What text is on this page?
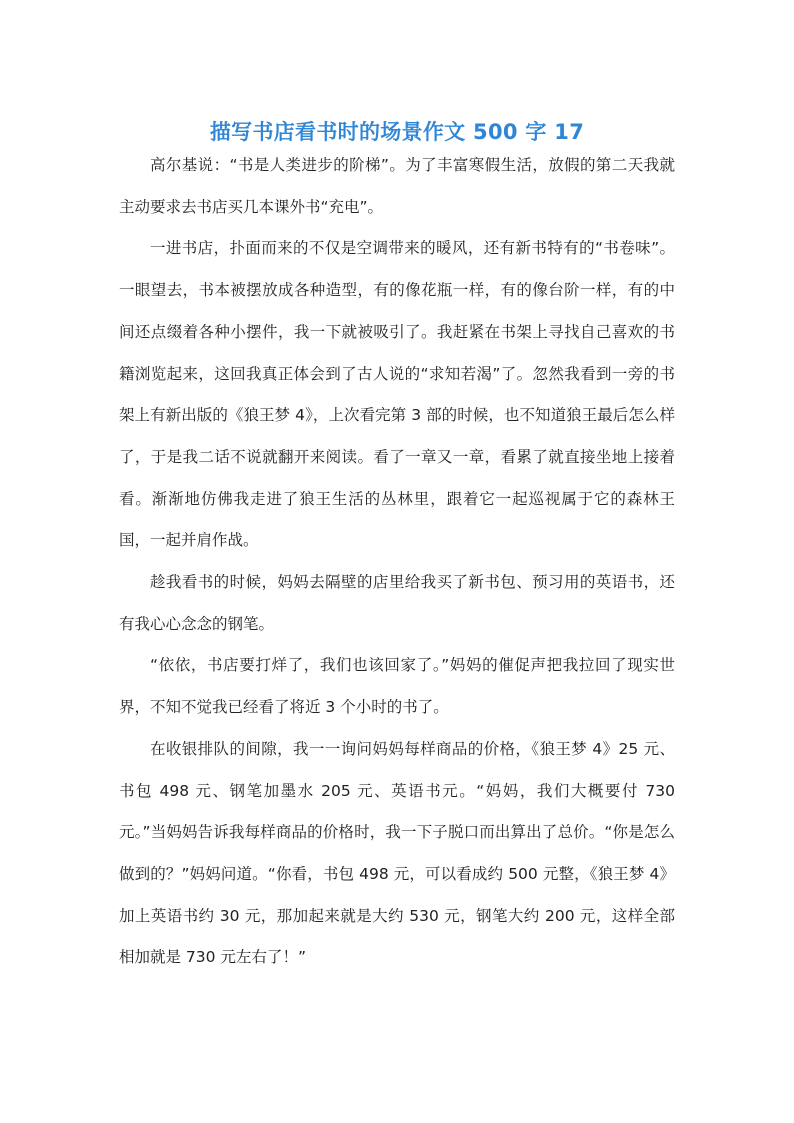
描写书店看书时的场景作文 500 字 17

高尔基说：“书是人类进步的阶梯”。为了丰富寒假生活，放假的第二天我就主动要求去书店买几本课外书“充电”。

一进书店，扑面而来的不仅是空调带来的暖风，还有新书特有的“书卷味”。一眼望去，书本被摆放成各种造型，有的像花瓶一样，有的像台阶一样，有的中间还点缀着各种小摆件，我一下就被吸引了。我赶紧在书架上寻找自己喜欢的书籍浏览起来，这回我真正体会到了古人说的“求知若渴”了。忽然我看到一旁的书架上有新出版的《狼王梦 4》，上次看完第 3 部的时候，也不知道狼王最后怎么样了，于是我二话不说就翻开来阅读。看了一章又一章，看累了就直接坐地上接着看。渐渐地仿佛我走进了狼王生活的丛林里，跟着它一起巡视属于它的森林王国，一起并肩作战。

趁我看书的时候，妈妈去隔壁的店里给我买了新书包、预习用的英语书，还有我心心念念的钢笔。

“依依，书店要打烊了，我们也该回家了。”妈妈的催促声把我拉回了现实世界，不知不觉我已经看了将近 3 个小时的书了。

在收银排队的间隙，我一一询问妈妈每样商品的价格，《狼王梦 4》25 元、书包 498 元、钢笔加墨水 205 元、英语书元。“妈妈，我们大概要付 730 元。”当妈妈告诉我每样商品的价格时，我一下子脱口而出算出了总价。“你是怎么做到的？”妈妈问道。“你看，书包 498 元，可以看成约 500 元整，《狼王梦 4》加上英语书约 30 元，那加起来就是大约 530 元，钢笔大约 200 元，这样全部相加就是 730 元左右了！”
